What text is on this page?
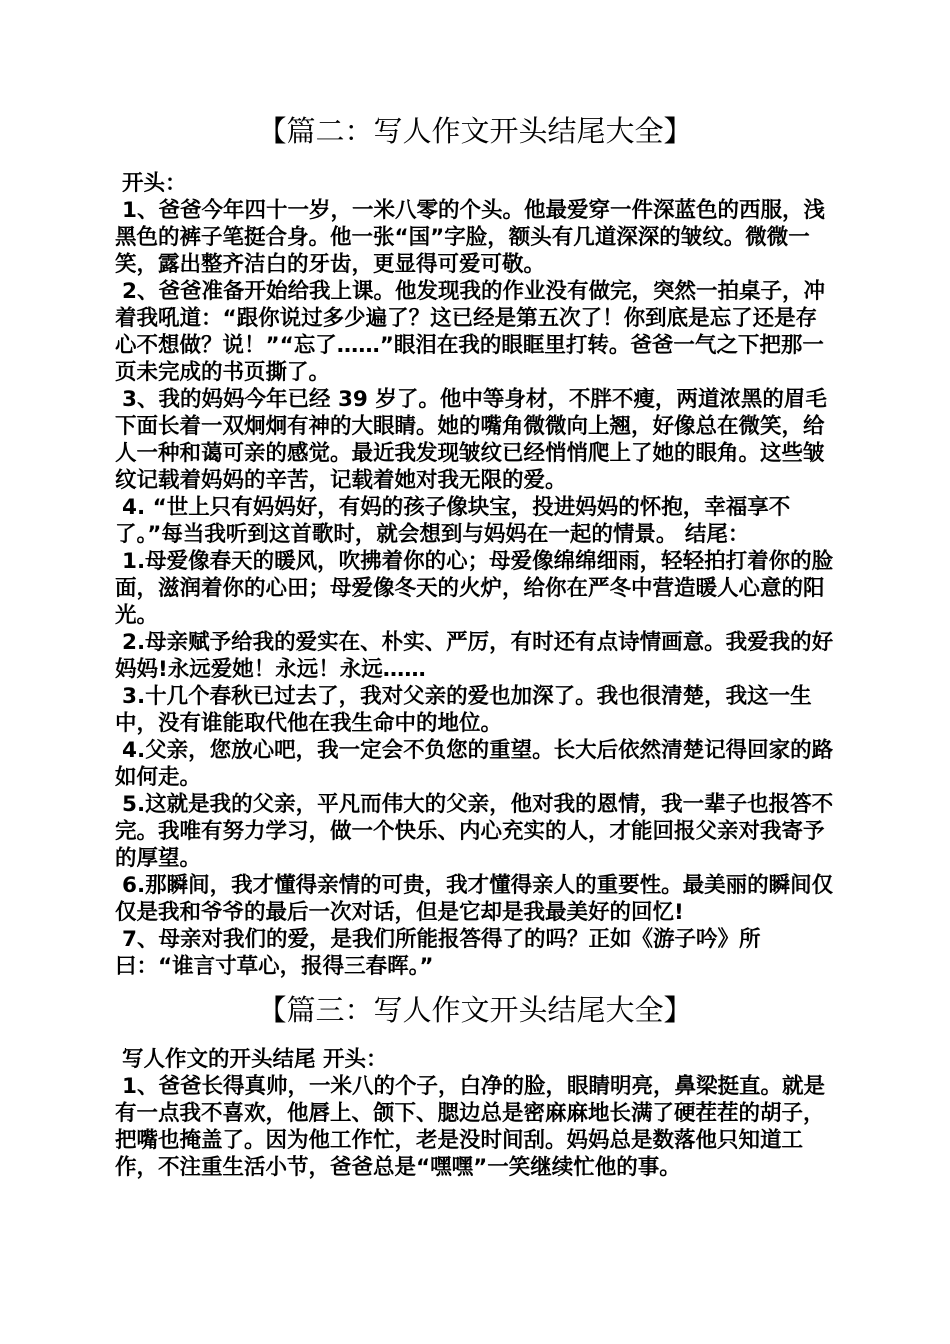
【篇二：写人作文开头结尾大全】

开头：

1、爸爸今年四十一岁，一米八零的个头。他最爱穿一件深蓝色的西服，浅黑色的裤子笔挺合身。他一张“国”字脸，额头有几道深深的皱纹。微微一笑，露出整齐洁白的牙齿，更显得可爱可敬。

2、爸爸准备开始给我上课。他发现我的作业没有做完，突然一拍桌子，冲着我吼道：“跟你说过多少遍了？这已经是第五次了！你到底是忘了还是存心不想做？说！”“忘了……”眼泪在我的眼眶里打转。爸爸一气之下把那一页未完成的书页撕了。

3、我的妈妈今年已经 39 岁了。他中等身材，不胖不瘦，两道浓黑的眉毛下面长着一双炯炯有神的大眼睛。她的嘴角微微向上翘，好像总在微笑，给人一种和蔼可亲的感觉。最近我发现皱纹已经悄悄爬上了她的眼角。这些皱纹记载着妈妈的辛苦，记载着她对我无限的爱。

4. “世上只有妈妈好，有妈的孩子像块宝，投进妈妈的怀抱，幸福享不了。”每当我听到这首歌时，就会想到与妈妈在一起的情景。 结尾：

1.母爱像春天的暖风，吹拂着你的心；母爱像绵绵细雨，轻轻拍打着你的脸面，滋润着你的心田；母爱像冬天的火炉，给你在严冬中营造暖人心意的阳光。

2.母亲赋予给我的爱实在、朴实、严厉，有时还有点诗情画意。我爱我的好妈妈!永远爱她！永远！永远……

3.十几个春秋已过去了，我对父亲的爱也加深了。我也很清楚，我这一生中，没有谁能取代他在我生命中的地位。

4.父亲，您放心吧，我一定会不负您的重望。长大后依然清楚记得回家的路如何走。

5.这就是我的父亲，平凡而伟大的父亲，他对我的恩情，我一辈子也报答不完。我唯有努力学习，做一个快乐、内心充实的人，才能回报父亲对我寄予的厚望。

6.那瞬间，我才懂得亲情的可贵，我才懂得亲人的重要性。最美丽的瞬间仅仅是我和爷爷的最后一次对话，但是它却是我最美好的回忆!

7、母亲对我们的爱，是我们所能报答得了的吗？正如《游子吟》所曰：“谁言寸草心，报得三春晖。”

【篇三：写人作文开头结尾大全】

写人作文的开头结尾 开头：

1、爸爸长得真帅，一米八的个子，白净的脸，眼睛明亮，鼻梁挺直。就是有一点我不喜欢，他唇上、颌下、腮边总是密麻麻地长满了硬茬茬的胡子，把嘴也掩盖了。因为他工作忙，老是没时间刮。妈妈总是数落他只知道工作，不注重生活小节，爸爸总是“嘿嘿”一笑继续忙他的事。
